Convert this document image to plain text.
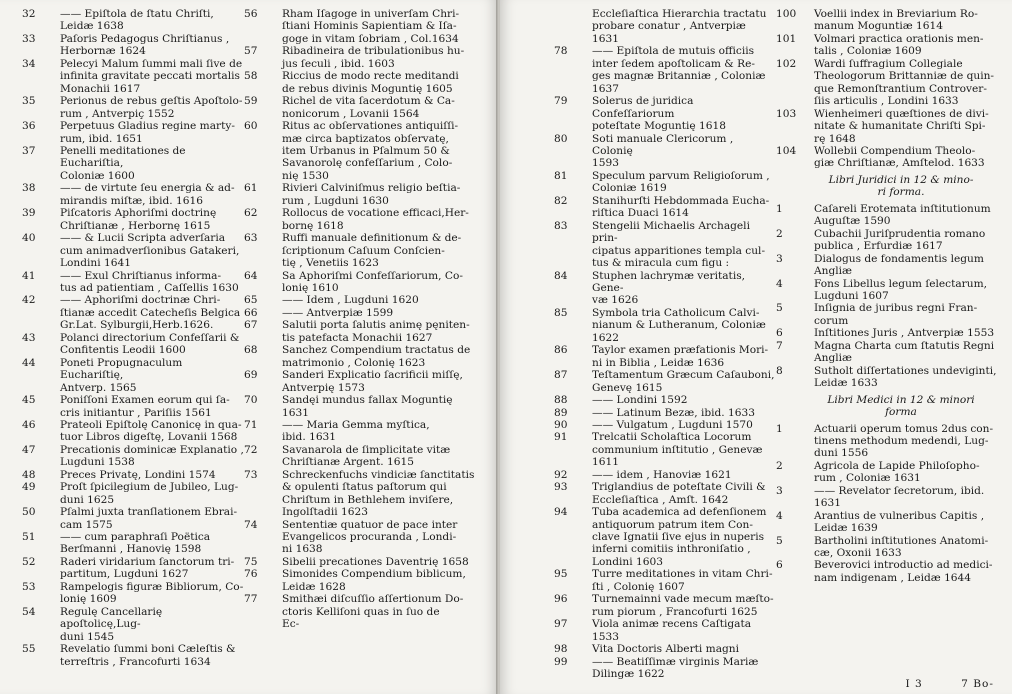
32	—— Epiſtola de ſtatu Chriſti,
Leidæ 1638
33	Paſoris Pedagogus Chriſtianus ,
Herbornæ 1624
34	Pelecyi Malum ſummi mali ſive de
infinita gravitate peccati mortalis
Monachii 1617
35	Perionus de rebus geſtis Apoſtolo-
rum , Antverpiç 1552
36	Perpetuus Gladius regine marty-
rum, ibid. 1651
37	Penelli meditationes de Euchariſtia,
Coloniæ 1600
38	—— de virtute ſeu energia & ad-
mirandis miſtæ, ibid. 1616
39	Piſcatoris Aphoriſmi doctrinę
Chriſtianæ , Herbornę 1615
40	—— & Lucii Scripta adverſaria
cum animadverſionibus Gatakeri,
Londini 1641
41	—— Exul Chriſtianus informa-
tus ad patientiam , Caſſellis 1630
42	—— Aphoriſmi doctrinæ Chri-
ſtianæ accedit Catecheſis Belgica
Gr.Lat. Sylburgii,Herb.1626.
43	Polanci directorium Confeſſarii &
Confitentis Leodii 1600
44	Poneti Propugnaculum Euchariſtię,
Antverp. 1565
45	Poniſſoni Examen eorum qui ſa-
cris initiantur , Pariſiis 1561
46	Prateoli Epiſtolę Canonicę in qua-
tuor Libros digeſtę, Lovanii 1568
47	Precationis dominicæ Explanatio ,
Lugduni 1538
48	Preces Privatę, Londini 1574
49	Proſt ſpicilegium de Jubileo, Lug-
duni 1625
50	Pſalmi juxta tranſlationem Ebrai-
cam 1575
51	—— cum paraphraſi Poëtica
Berſmanni , Hanovię 1598
52	Raderi viridarium ſanctorum tri-
partitum, Lugduni 1627
53	Rampelogis figuræ Bibliorum, Co-
lonię 1609
54	Regulę Cancellarię apoſtolicę,Lug-
duni 1545
55	Revelatio ſummi boni Cæleſtis &
terreſtris , Francofurti 1634
56	Rham Iſagoge in univerſam Chri-
ſtiani Hominis Sapientiam & Iſa-
goge in vitam ſobriam , Col.1634
57	Ribadineira de tribulationibus hu-
jus ſeculi , ibid. 1603
58	Riccius de modo recte meditandi
de rebus divinis Moguntię 1605
59	Richel de vita ſacerdotum & Ca-
nonicorum , Lovanii 1564
60	Ritus ac obſervationes antiquiſſi-
mæ circa baptizatos obſervatę,
item Urbanus in Pſalmum 50 &
Savanorolę confeſſarium , Colo-
nię 1530
61	Rivieri Calviniſmus religio beſtia-
rum , Lugduni 1630
62	Rollocus de vocatione efficaci,Her-
bornę 1618
63	Ruffi manuale definitionum & de-
ſcriptionum Caſuum Conſcien-
tię , Venetiis 1623
64	Sa Aphoriſmi Confeſſariorum, Co-
lonię 1610
65	—— Idem , Lugduni 1620
66	—— Antverpiæ 1599
67	Salutii porta ſalutis animę pęniten-
tis patefacta Monachii 1627
68	Sanchez Compendium tractatus de
matrimonio , Colonię 1623
69	Sanderi Explicatio ſacrificii miſſę,
Antverpię 1573
70	Sandęi mundus fallax Moguntię
1631
71	—— Maria Gemma myſtica,
ibid. 1631
72	Savanarola de ſimplicitate vitæ
Chriſtianæ Argent. 1615
73	Schreckenfuchs vindiciæ ſanctitatis
& opulenti ſtatus paſtorum qui
Chriſtum in Bethlehem inviſere,
Ingolſtadii 1623
74	Sententiæ quatuor de pace inter
Evangelicos procuranda , Londi-
ni 1638
75	Sibelii precationes Daventrię 1658
76	Simonides Compendium biblicum,
Leidæ 1628
77	Smithæi diſcuſſio aſſertionum Do-
ctoris Kelliſoni quas in ſuo de
Ec-
Eccleſiaſtica Hierarchia tractatu
probare conatur , Antverpiæ
1631
78	—— Epiſtola de mutuis officiis
inter ſedem apoſtolicam & Re-
ges magnæ Britanniæ , Coloniæ
1637
79	Solerus de juridica Confeſſariorum
poteſtate Moguntię 1618
80	Soti manuale Clericorum , Colonię
1593
81	Speculum parvum Religioſorum ,
Coloniæ 1619
82	Stanihurſti Hebdommada Eucha-
riſtica Duaci 1614
83	Stengelii Michaelis Archageli prin-
cipatus apparitiones templa cul-
tus & miracula cum figu :
84	Stuphen lachrymæ veritatis, Gene-
væ 1626
85	Symbola tria Catholicum Calvi-
nianum & Lutheranum, Coloniæ
1622
86	Taylor examen præfationis Mori-
ni in Biblia , Leidæ 1636
87	Teſtamentum Græcum Caſauboni,
Genevę 1615
88	—— Londini 1592
89	—— Latinum Bezæ, ibid. 1633
90	—— Vulgatum , Lugduni 1570
91	Trelcatii Scholaſtica Locorum
communium inſtitutio , Genevæ
1611
92	—— idem , Hanoviæ 1621
93	Triglandius de poteſtate Civili &
Eccleſiaſtica , Amſt. 1642
94	Tuba academica ad defenſionem
antiquorum patrum item Con-
clave Ignatii ſive ejus in nuperis
inferni comitiis inthroniſatio ,
Londini 1603
95	Turre meditationes in vitam Chri-
ſti , Colonię 1607
96	Turnemainni vade mecum mæſto-
rum piorum , Francofurti 1625
97	Viola animæ recens Caſtigata 1533
98	Vita Doctoris Alberti magni
99	—— Beatiſſimæ virginis Mariæ
Dilingæ 1622
100	Voellii index in Breviarium Ro-
manum Moguntiæ 1614
101	Volmari practica orationis men-
talis , Coloniæ 1609
102	Wardi ſuffragium Collegiale
Theologorum Brittanniæ de quin-
que Remonſtrantium Controver-
ſiis articulis , Londini 1633
103	Wienheimeri quæſtiones de divi-
nitate & humanitate Chriſti Spi-
rę 1648
104	Wollebii Compendium Theolo-
giæ Chriſtianæ, Amſtelod. 1633
Libri Juridici in 12 & mino-
ri forma.
1	Caſareli Erotemata inſtitutionum
Auguſtæ 1590
2	Cubachii Juriſprudentia romano
publica , Erfurdiæ 1617
3	Dialogus de fondamentis legum
Angliæ
4	Fons Libellus legum ſelectarum,
Lugduni 1607
5	Inſignia de juribus regni Fran-
corum
6	Inſtitiones Juris , Antverpiæ 1553
7	Magna Charta cum ſtatutis Regni
Angliæ
8	Sutholt diſſertationes undeviginti,
Leidæ 1633
Libri Medici in 12 & minori
forma
1	Actuarii operum tomus 2dus con-
tinens methodum medendi, Lug-
duni 1556
2	Agricola de Lapide Philoſopho-
rum , Coloniæ 1631
3	—— Revelator ſecretorum, ibid.
1631
4	Arantius de vulneribus Capitis ,
Leidæ 1639
5	Bartholini inſtitutiones Anatomi-
cæ, Oxonii 1633
6	Beverovici introductio ad medici-
nam indigenam , Leidæ 1644
I 3	7 Bo-
